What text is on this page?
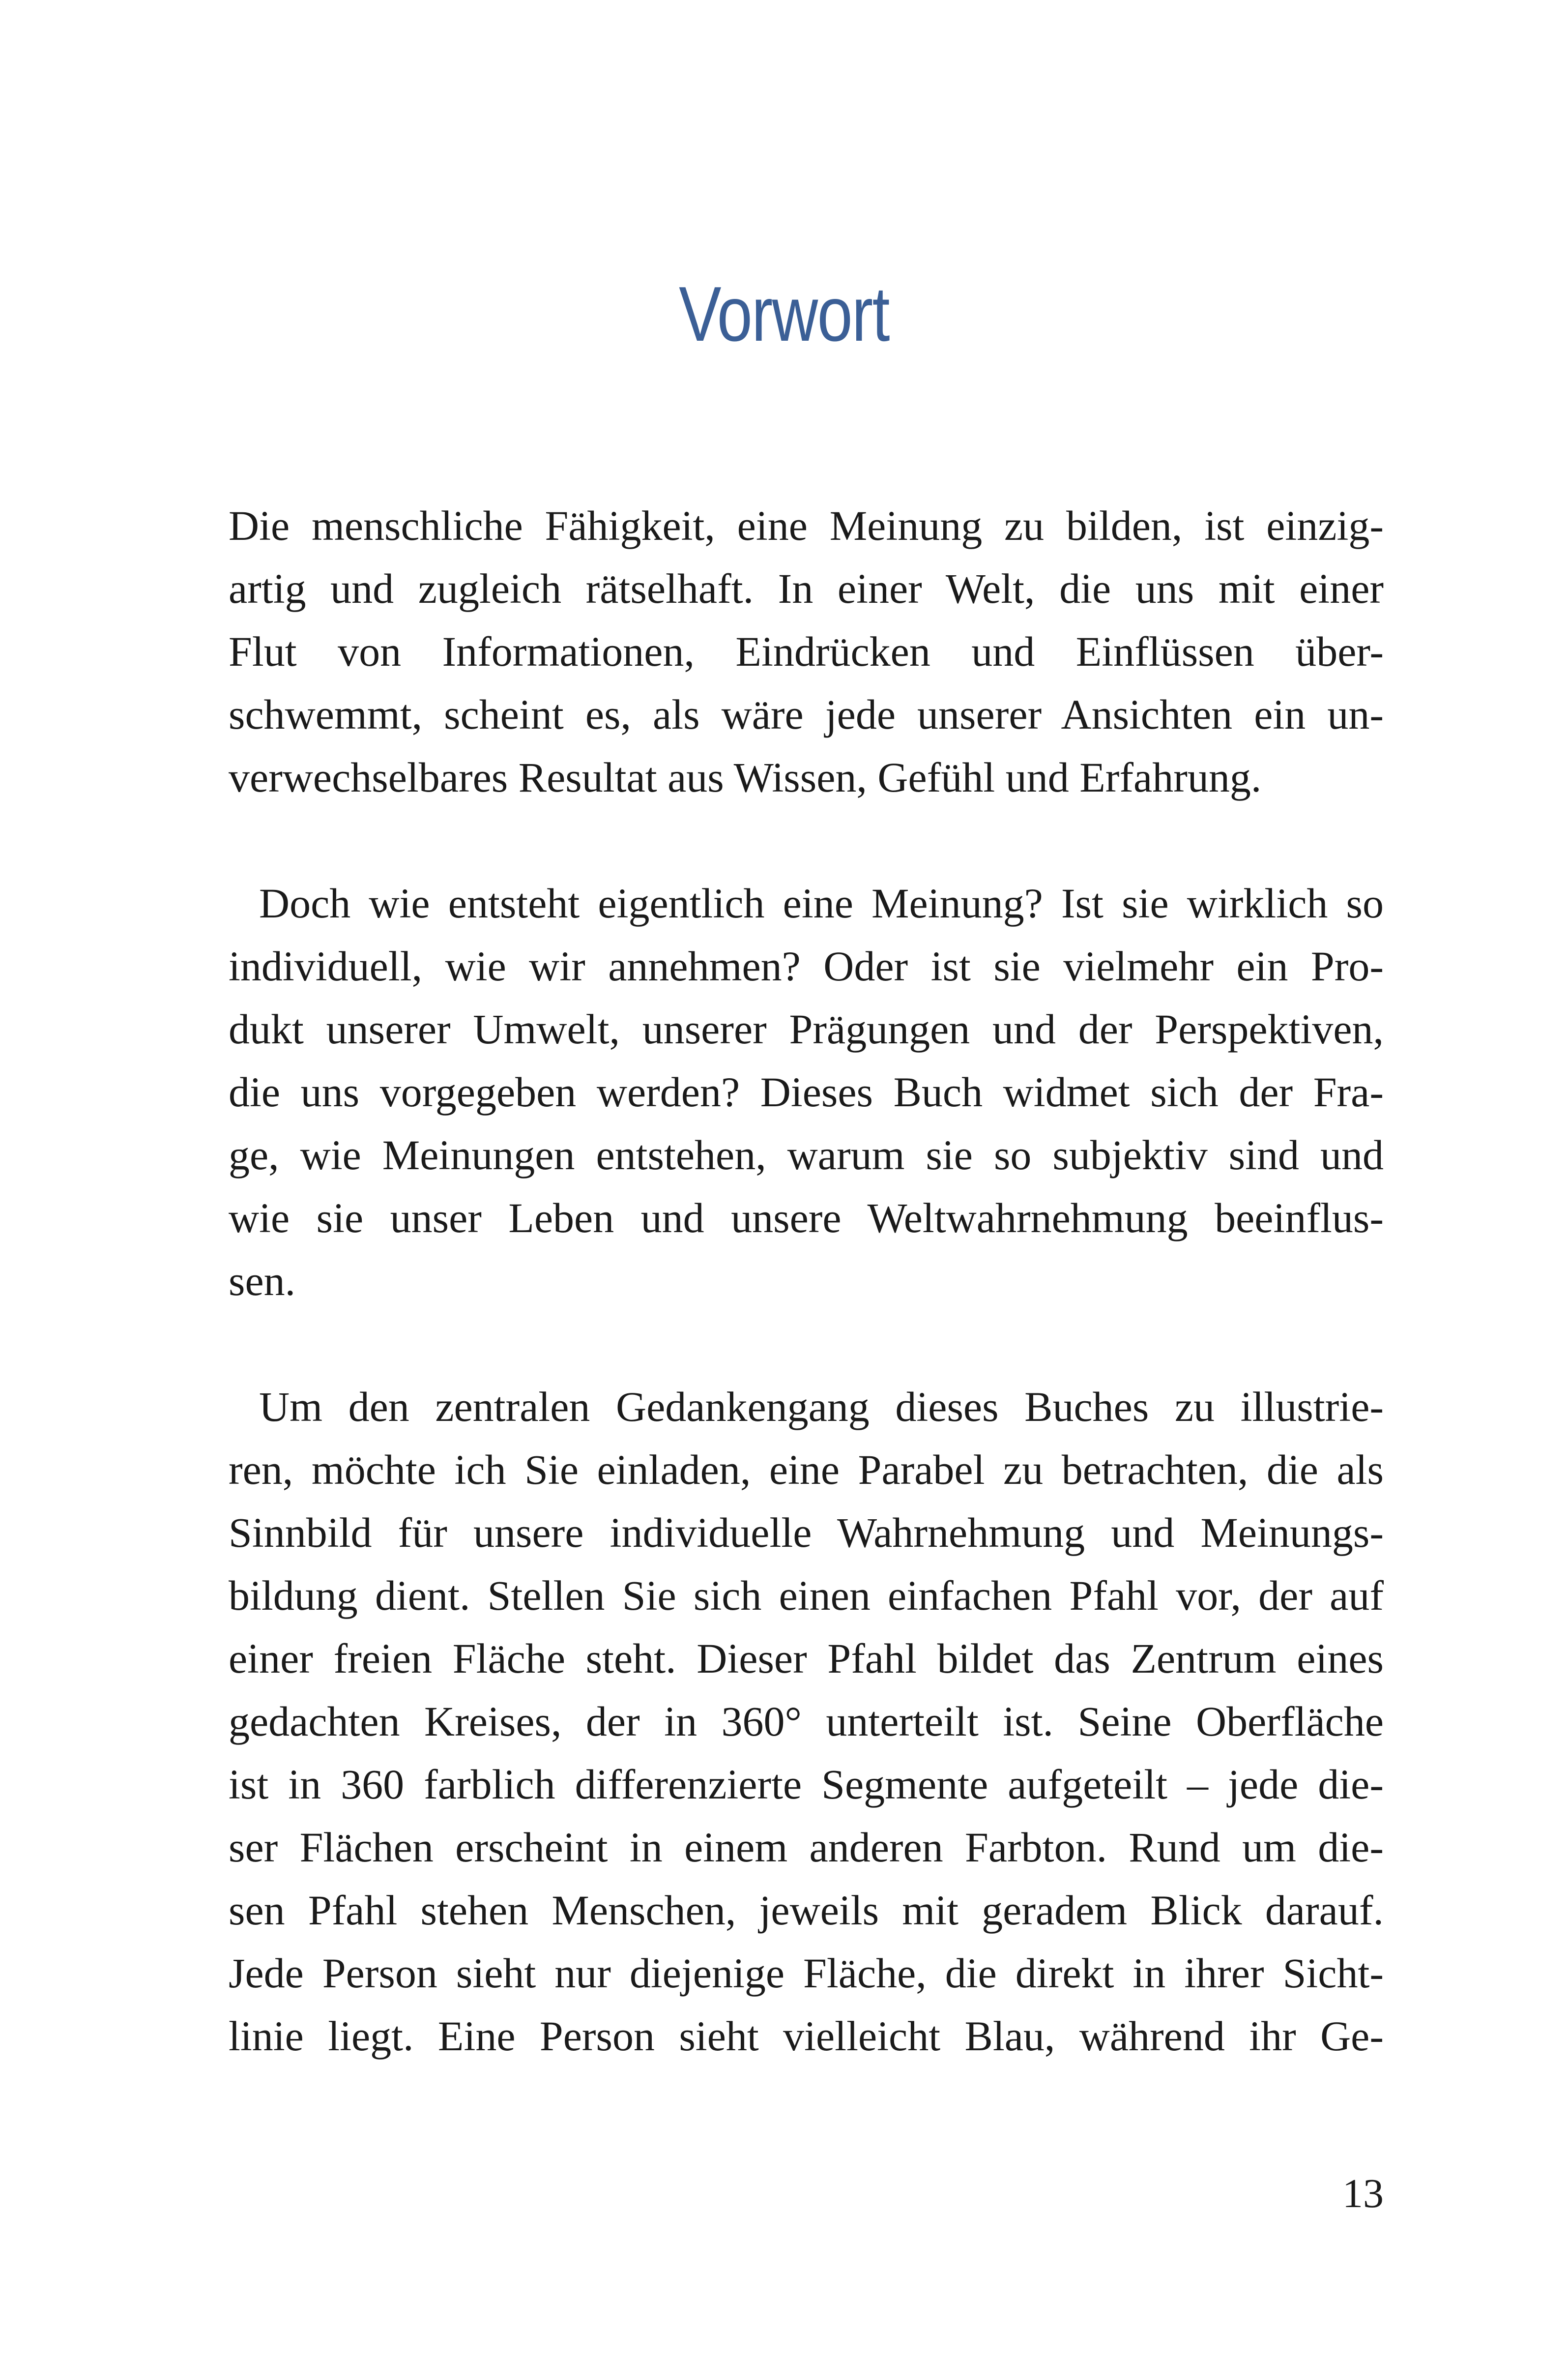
Vorwort
Die menschliche Fähigkeit, eine Meinung zu bilden, ist einzig-
artig und zugleich rätselhaft. In einer Welt, die uns mit einer
Flut von Informationen, Eindrücken und Einflüssen über-
schwemmt, scheint es, als wäre jede unserer Ansichten ein un-
verwechselbares Resultat aus Wissen, Gefühl und Erfahrung.
Doch wie entsteht eigentlich eine Meinung? Ist sie wirklich so
individuell, wie wir annehmen? Oder ist sie vielmehr ein Pro-
dukt unserer Umwelt, unserer Prägungen und der Perspektiven,
die uns vorgegeben werden? Dieses Buch widmet sich der Fra-
ge, wie Meinungen entstehen, warum sie so subjektiv sind und
wie sie unser Leben und unsere Weltwahrnehmung beeinflus-
sen.
Um den zentralen Gedankengang dieses Buches zu illustrie-
ren, möchte ich Sie einladen, eine Parabel zu betrachten, die als
Sinnbild für unsere individuelle Wahrnehmung und Meinungs-
bildung dient. Stellen Sie sich einen einfachen Pfahl vor, der auf
einer freien Fläche steht. Dieser Pfahl bildet das Zentrum eines
gedachten Kreises, der in 360° unterteilt ist. Seine Oberfläche
ist in 360 farblich differenzierte Segmente aufgeteilt – jede die-
ser Flächen erscheint in einem anderen Farbton. Rund um die-
sen Pfahl stehen Menschen, jeweils mit geradem Blick darauf.
Jede Person sieht nur diejenige Fläche, die direkt in ihrer Sicht-
linie liegt. Eine Person sieht vielleicht Blau, während ihr Ge-
13
